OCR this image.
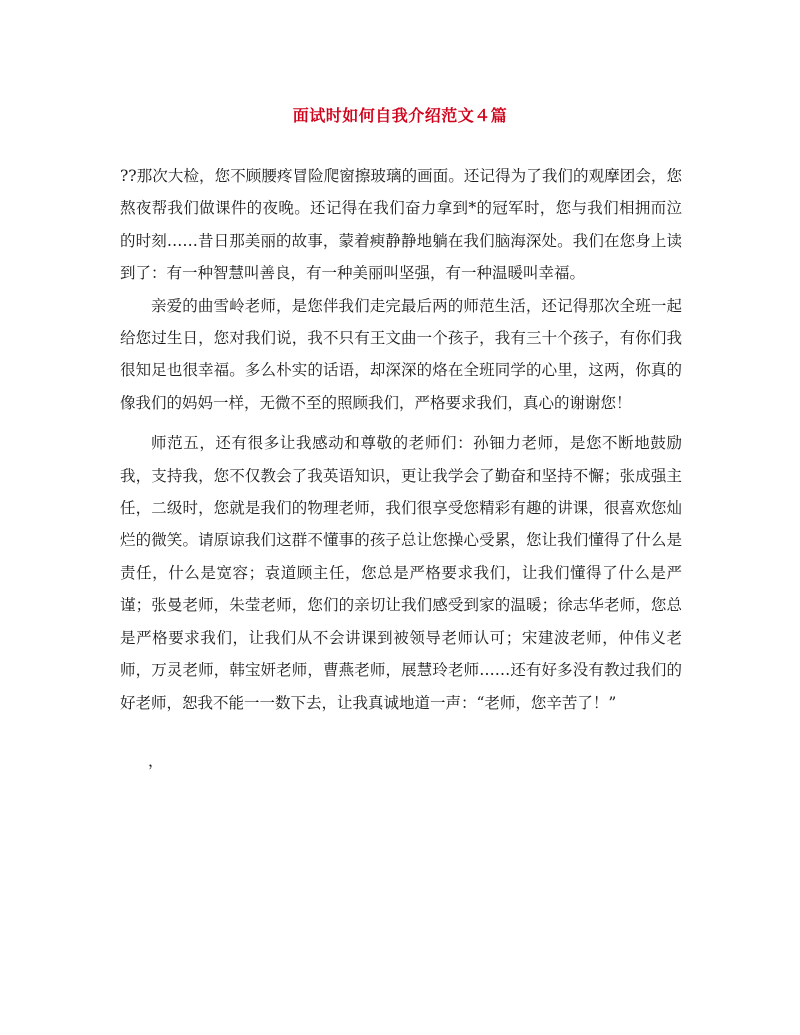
面试时如何自我介绍范文４篇

??那次大检，您不顾腰疼冒险爬窗擦玻璃的画面。还记得为了我们的观摩团会，您熬夜帮我们做课件的夜晚。还记得在我们奋力拿到*的冠军时，您与我们相拥而泣的时刻……昔日那美丽的故事，蒙着瘐静静地躺在我们脑海深处。我们在您身上读到了：有一种智慧叫善良，有一种美丽叫坚强，有一种温暖叫幸福。

亲爱的曲雪岭老师，是您伴我们走完最后两的师范生活，还记得那次全班一起给您过生日，您对我们说，我不只有王文曲一个孩子，我有三十个孩子，有你们我很知足也很幸福。多么朴实的话语，却深深的烙在全班同学的心里，这两，你真的像我们的妈妈一样，无微不至的照顾我们，严格要求我们，真心的谢谢您！

师范五，还有很多让我感动和尊敬的老师们：孙钿力老师，是您不断地鼓励我，支持我，您不仅教会了我英语知识，更让我学会了勤奋和坚持不懈；张成强主任，二级时，您就是我们的物理老师，我们很享受您精彩有趣的讲课，很喜欢您灿烂的微笑。请原谅我们这群不懂事的孩子总让您操心受累，您让我们懂得了什么是责任，什么是宽容；袁道顾主任，您总是严格要求我们，让我们懂得了什么是严谨；张曼老师，朱莹老师，您们的亲切让我们感受到家的温暖；徐志华老师，您总是严格要求我们，让我们从不会讲课到被领导老师认可；宋建波老师，仲伟义老师，万灵老师，韩宝妍老师，曹燕老师，展慧玲老师……还有好多没有教过我们的好老师，恕我不能一一数下去，让我真诚地道一声：“老师，您辛苦了！”

，
